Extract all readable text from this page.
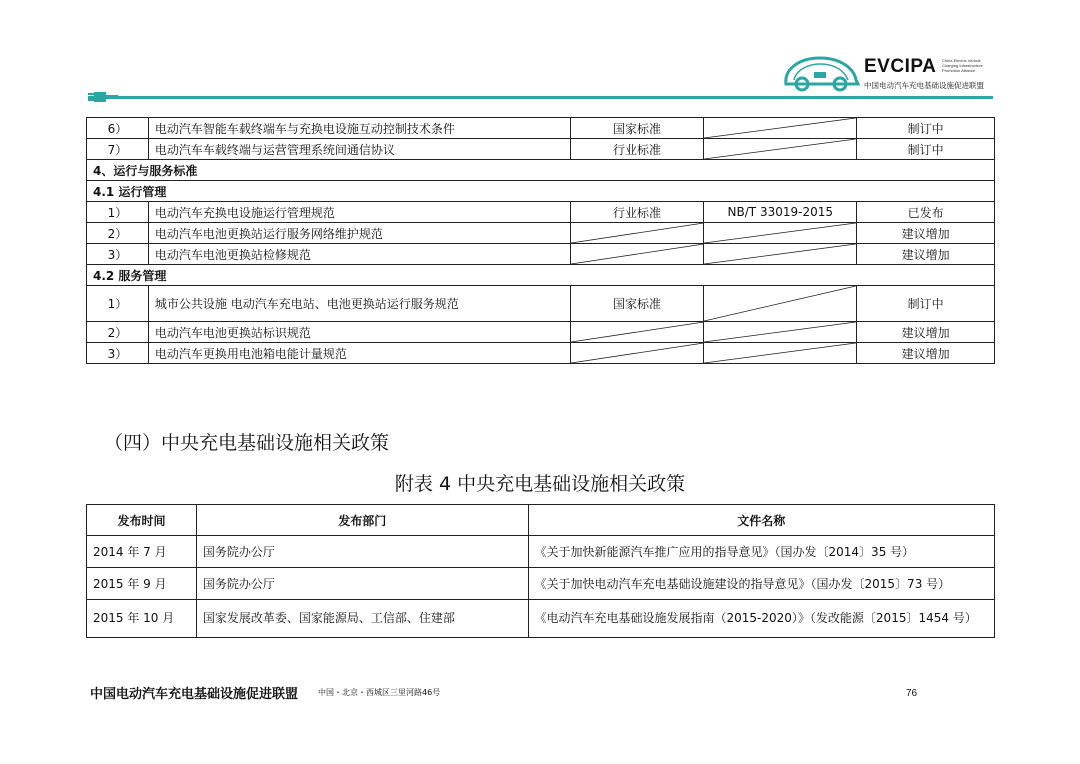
EVCIPA China Electric Vehicle Charging Infrastructure Promotion Alliance
中国电动汽车充电基础设施促进联盟
6）	电动汽车智能车载终端车与充换电设施互动控制技术条件	国家标准		制订中
7）	电动汽车车载终端与运营管理系统间通信协议	行业标准		制订中
4、运行与服务标准				
4.1 运行管理				
1）	电动汽车充换电设施运行管理规范	行业标准	NB/T 33019-2015	已发布
2）	电动汽车电池更换站运行服务网络维护规范			建议增加
3）	电动汽车电池更换站检修规范			建议增加
4.2 服务管理				
1）	城市公共设施 电动汽车充电站、电池更换站运行服务规范	国家标准		制订中
2）	电动汽车电池更换站标识规范			建议增加
3）	电动汽车更换用电池箱电能计量规范			建议增加
（四）中央充电基础设施相关政策
附表 4 中央充电基础设施相关政策
发布时间	发布部门	文件名称
2014 年 7 月	国务院办公厅	《关于加快新能源汽车推广应用的指导意见》（国办发〔2014〕35 号）
2015 年 9 月	国务院办公厅	《关于加快电动汽车充电基础设施建设的指导意见》（国办发〔2015〕73 号）
2015 年 10 月	国家发展改革委、国家能源局、工信部、住建部	《电动汽车充电基础设施发展指南（2015-2020）》（发改能源〔2015〕1454 号）
中国电动汽车充电基础设施促进联盟 中国・北京・西城区三里河路46号	76
